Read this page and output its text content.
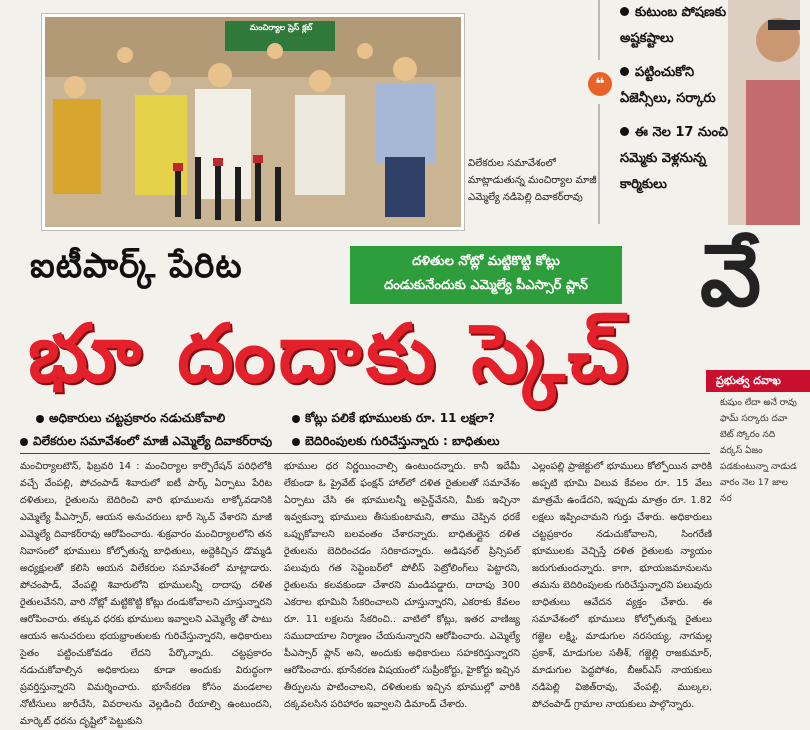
మంచిర్యాల ప్రెస్ క్లబ్
విలేకరుల సమావేశంలో మాట్లాడుతున్న మంచిర్యాల మాజీ ఎమ్మెల్యే నడిపెల్లి దివాకర్‌రావు
❝
కుటుంబ పోషణకు అష్టకష్టాలు
పట్టించుకోని ఏజెన్సీలు, సర్కారు
ఈ నెల 17 నుంచి సమ్మెకు వెళ్లనున్న కార్మికులు
ఐటీపార్క్ పేరిట	దళితుల నోట్లో మట్టికొట్టి కోట్లు
దండుకునేందుకు ఎమ్మెల్యే పీఎస్సార్ ప్లాన్
భూ దందాకు స్కెచ్
వే
ప్రభుత్వ దవాఖ
అధికారులు చట్టప్రకారం నడుచుకోవాలి	కోట్లు పలికే భూములకు రూ. 11 లక్షలా?
విలేకరుల సమావేశంలో మాజీ ఎమ్మెల్యే దివాకర్‌రావు	బెదిరింపులకు గురిచేస్తున్నారు : బాధితులు
మంచిర్యాలటౌన్, ఫిబ్రవరి 14 : మంచిర్యాల కార్పొరేషన్ పరిధిలోకి వచ్చే వేంపల్లి, పోచంపాడ్ శివారులో ఐటీ పార్క్ ఏర్పాటు పేరిట దళితులు, రైతులను బెదిరించి వారి భూములను లాక్కోవడానికి ఎమ్మెల్యే పీఎస్సార్, ఆయన అనుచరులు భారీ స్కెచ్ వేశారని మాజీ ఎమ్మెల్యే దివాకర్‌రావు ఆరోపించారు. శుక్రవారం మంచిర్యాలలోని తన నివాసంలో భూములు కోల్పోతున్న బాధితులు, అద్దెకిచ్చిన డొమ్మడి అధ్యక్షులతో కలిసి ఆయన విలేకరుల సమావేశంలో మాట్లాడారు. పోచంపాడ్, వేంపల్లి శివారులోని భూములన్నీ దాదాపు దళిత రైతులవేనని, వారి నోట్లో మట్టికొట్టి కోట్లు దండుకోవాలని చూస్తున్నారని ఆరోపించారు. తక్కువ ధరకు భూములు ఇవ్వాలని ఎమ్మెల్యే తో పాటు ఆయన అనుచరులు భయభ్రాంతులకు గురిచేస్తున్నారని, అధికారులు సైతం పట్టించుకోవడం లేదని పేర్కొన్నారు. చట్టప్రకారం నడుచుకోవాల్సిన అధికారులు కూడా అందుకు విరుద్ధంగా ప్రవర్తిస్తున్నారని విమర్శించారు. భూసేకరణ కోసం మండలాల నోటీసులు జారీచేసి, వివరాలను వెల్లడించి రేయాల్సి ఉంటుందని, మార్కెట్ ధరను దృష్టిలో పెట్టుకుని
భూముల ధర నిర్ణయించాల్సి ఉంటుందన్నారు. కానీ ఇదేమీ లేకుండా ఓ ప్రైవేట్ ఫంక్షన్ హాల్‌లో దళిత రైతులతో సమావేశం ఏర్పాటు చేసి ఈ భూములన్నీ అసైన్డ్‌వేనని, మీకు ఇచ్చినా ఇవ్వకున్నా భూములు తీసుకుంటామని, తాము చెప్పిన ధరకే ఒప్పుకోవాలని బలవంతం చేశారన్నారు. బాధితుల్లైన దళిత రైతులను బెదిరించడం సరికాదన్నారు. అడిషనల్ ప్రిన్సిపల్ పలువురు గత సెప్టెంబర్‌లో పోలీస్ పెట్రోలింగ్‌లు పెట్టారని, రైతులను కలవకుండా చేశారని మండిపడ్డారు. దాదాపు 300 ఎకరాల భూమిని సేకరించాలని చూస్తున్నారని, ఎకరాకు కేవలం రూ. 11 లక్షలను సేకరించి.. వాటిలో కోట్లు, ఇతర వాణిజ్య సముదాయాల నిర్మాణం చేయనున్నారని ఆరోపించారు. ఎమ్మెల్యే పీఎస్సార్ ప్లాన్ అని, అందుకు అధికారులు సహకరిస్తున్నారని ఆరోపించారు. భూసేకరణ విషయంలో సుప్రీంకోర్టు, హైకోర్టు ఇచ్చిన తీర్పులను పాటించాలని, దళితులకు ఇచ్చిన భూముల్లో వారికి దక్కవలసిన పరిహారం ఇవ్వాలని డిమాండ్ చేశారు.
ఎల్లంపల్లి ప్రాజెక్టులో భూములు కోల్పోయిన వారికి అప్పటి భూమి విలువ కేవలం రూ. 15 వేలు మాత్రమే ఉండేదని, ఇప్పుడు మాత్రం రూ. 1.82 లక్షలు ఇప్పించామని గుర్తు చేశారు. అధికారులు చట్టప్రకారం నడుచుకోవాలని, సింగరేణి భూములకు వెచ్చిస్తే దళిత రైతులకు న్యాయం జరుగుతుందన్నారు. కాగా, భూయజమానులను తమను బెదిరింపులకు గురిచేస్తున్నారని పలువురు బాధితులు ఆవేదన వ్యక్తం చేశారు. ఈ సమావేశంలో భూములు కోల్పోతున్న రైతులు గజ్జెల లక్ష్మి, మాడుగుల నరసయ్య, నాగమల్ల ప్రకాశ్, మాడుగుల సతీశ్, గజ్జెల్లి రాజకుమార్, మాడుగుల పెద్దపోశం, బీఆర్ఎస్ నాయకులు నడిపెల్లి విజిత్‌రావు, వేంపల్లి, ముల్కల, పోచంపాడ్ గ్రామాల నాయకులు పాల్గొన్నారు.
కుషుం లేదా అనే రావు ఫామ్ సర్కారు దవా బెట్ స్కోరం నది వర్కస్ ఏజం పడకుంటున్నా నాడుడ వారం నెల 17 జాల నర
